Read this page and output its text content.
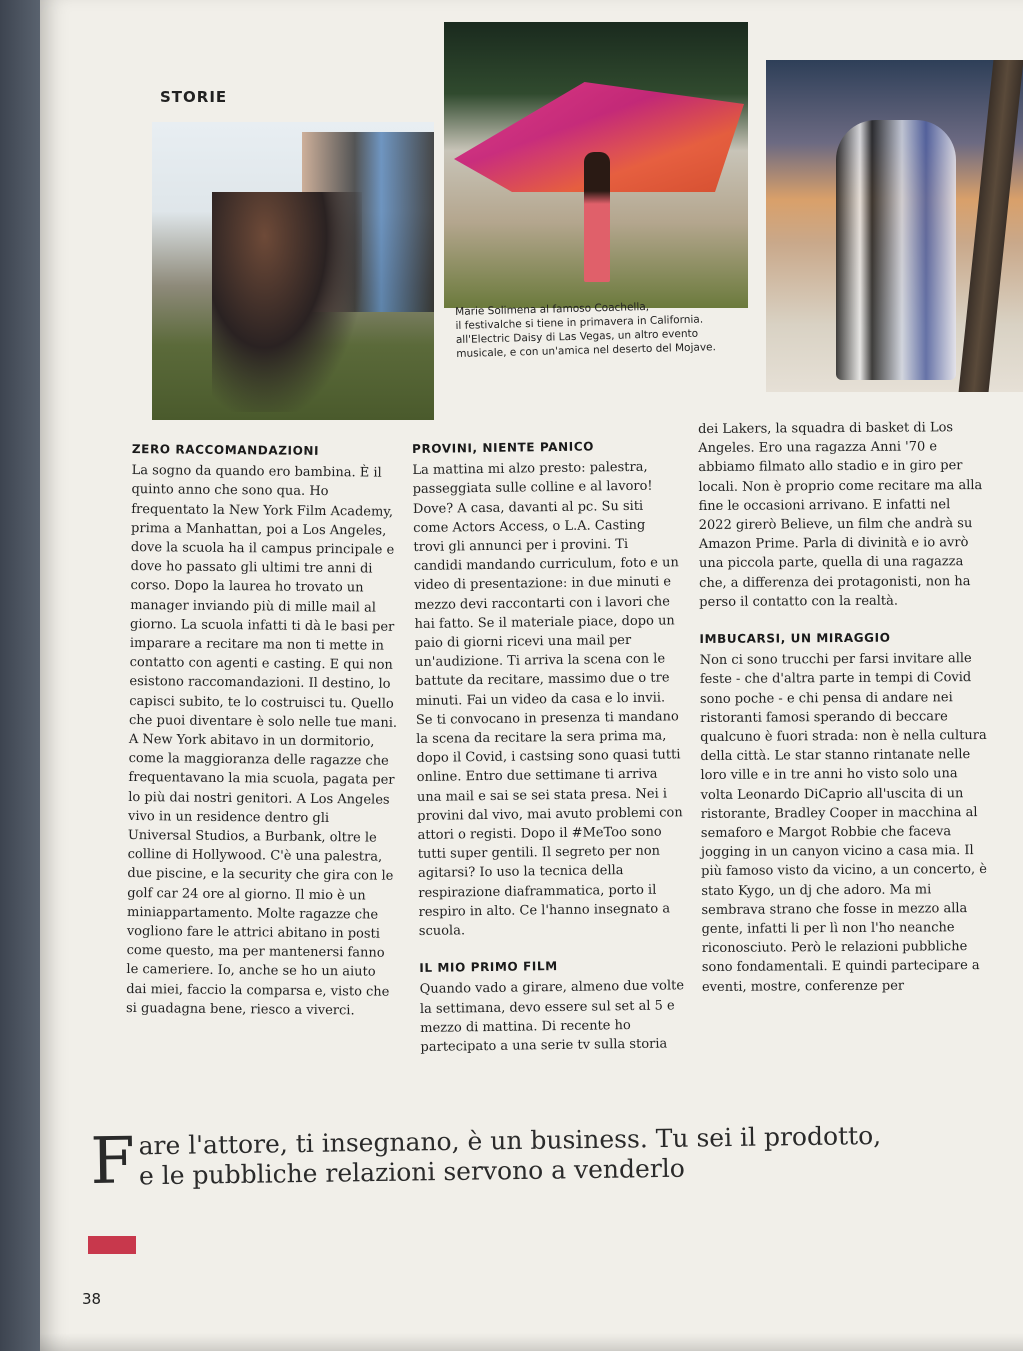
STORIE
Marie Solimena al famoso Coachella,
il festivalche si tiene in primavera in California.
all'Electric Daisy di Las Vegas, un altro evento
musicale, e con un'amica nel deserto del Mojave.
ZERO RACCOMANDAZIONI
La sogno da quando ero bambina. È il quinto anno che sono qua. Ho frequentato la New York Film Academy, prima a Manhattan, poi a Los Angeles, dove la scuola ha il campus principale e dove ho passato gli ultimi tre anni di corso. Dopo la laurea ho trovato un manager inviando più di mille mail al giorno. La scuola infatti ti dà le basi per imparare a recitare ma non ti mette in contatto con agenti e casting. E qui non esistono raccomandazioni. Il destino, lo capisci subito, te lo costruisci tu. Quello che puoi diventare è solo nelle tue mani.
A New York abitavo in un dormitorio, come la maggioranza delle ragazze che frequentavano la mia scuola, pagata per lo più dai nostri genitori. A Los Angeles vivo in un residence dentro gli Universal Studios, a Burbank, oltre le colline di Hollywood. C'è una palestra, due piscine, e la security che gira con le golf car 24 ore al giorno. Il mio è un miniappartamento. Molte ragazze che vogliono fare le attrici abitano in posti come questo, ma per mantenersi fanno le cameriere. Io, anche se ho un aiuto dai miei, faccio la comparsa e, visto che si guadagna bene, riesco a viverci.
PROVINI, NIENTE PANICO
La mattina mi alzo presto: palestra, passeggiata sulle colline e al lavoro! Dove? A casa, davanti al pc. Su siti come Actors Access, o L.A. Casting trovi gli annunci per i provini. Ti candidi mandando curriculum, foto e un video di presentazione: in due minuti e mezzo devi raccontarti con i lavori che hai fatto. Se il materiale piace, dopo un paio di giorni ricevi una mail per un'audizione. Ti arriva la scena con le battute da recitare, massimo due o tre minuti. Fai un video da casa e lo invii. Se ti convocano in presenza ti mandano la scena da recitare la sera prima ma, dopo il Covid, i castsing sono quasi tutti online. Entro due settimane ti arriva una mail e sai se sei stata presa. Nei i provini dal vivo, mai avuto problemi con attori o registi. Dopo il #MeToo sono tutti super gentili. Il segreto per non agitarsi? Io uso la tecnica della respirazione diaframmatica, porto il respiro in alto. Ce l'hanno insegnato a scuola.
IL MIO PRIMO FILM
Quando vado a girare, almeno due volte la settimana, devo essere sul set al 5 e mezzo di mattina. Di recente ho partecipato a una serie tv sulla storia
dei Lakers, la squadra di basket di Los Angeles. Ero una ragazza Anni '70 e abbiamo filmato allo stadio e in giro per locali. Non è proprio come recitare ma alla fine le occasioni arrivano. E infatti nel 2022 girerò Believe, un film che andrà su Amazon Prime. Parla di divinità e io avrò una piccola parte, quella di una ragazza che, a differenza dei protagonisti, non ha perso il contatto con la realtà.
IMBUCARSI, UN MIRAGGIO
Non ci sono trucchi per farsi invitare alle feste - che d'altra parte in tempi di Covid sono poche - e chi pensa di andare nei ristoranti famosi sperando di beccare qualcuno è fuori strada: non è nella cultura della città. Le star stanno rintanate nelle loro ville e in tre anni ho visto solo una volta Leonardo DiCaprio all'uscita di un ristorante, Bradley Cooper in macchina al semaforo e Margot Robbie che faceva jogging in un canyon vicino a casa mia. Il più famoso visto da vicino, a un concerto, è stato Kygo, un dj che adoro. Ma mi sembrava strano che fosse in mezzo alla gente, infatti li per lì non l'ho neanche riconosciuto. Però le relazioni pubbliche sono fondamentali. E quindi partecipare a eventi, mostre, conferenze per
F are l'attore, ti insegnano, è un business. Tu sei il prodotto,
e le pubbliche relazioni servono a venderlo
38
